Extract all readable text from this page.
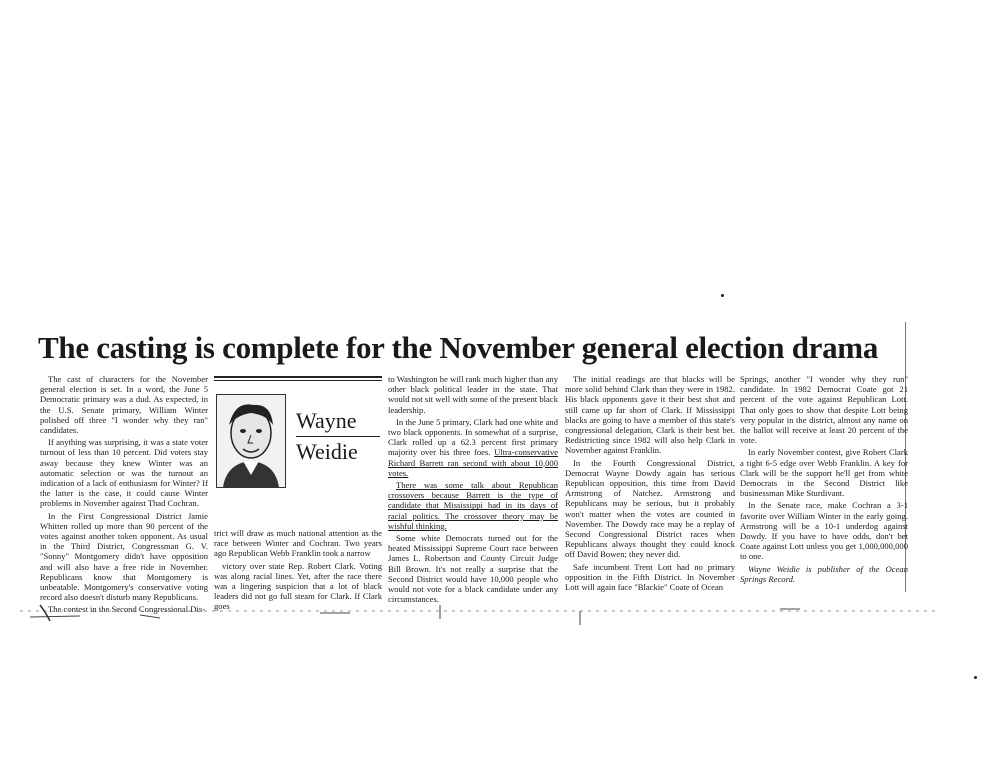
The casting is complete for the November general election drama

The cast of characters for the November general election is set. In a word, the June 5 Democratic primary was a dud. As expected, in the U.S. Senate primary, William Winter polished off three "I wonder why they ran" candidates.

If anything was surprising, it was a state voter turnout of less than 10 percent. Did voters stay away because they knew Winter was an automatic selection or was the turnout an indication of a lack of enthusiasm for Winter? If the latter is the case, it could cause Winter problems in November against Thad Cochran.

In the First Congressional District Jamie Whitten rolled up more than 90 percent of the votes against another token opponent. As usual in the Third District, Congressman G. V. "Sonny" Montgomery didn't have opposition and will also have a free ride in November. Republicans know that Montgomery is unbeatable. Montgomery's conservative voting record also doesn't disturb many Republicans.

The contest in the Second Congressional Dis-

Wayne
Weidie

trict will draw as much national attention as the race between Winter and Cochran. Two years ago Republican Webb Franklin took a narrow

victory over state Rep. Robert Clark. Voting was along racial lines. Yet, after the race there was a lingering suspicion that a lot of black leaders did not go full steam for Clark. If Clark goes

to Washington he will rank much higher than any other black political leader in the state. That would not sit well with some of the present black leadership.

In the June 5 primary, Clark had one white and two black opponents. In somewhat of a surprise, Clark rolled up a 62.3 percent first primary majority over his three foes. Ultra-conservative Richard Barrett ran second with about 10,000 votes.

There was some talk about Republican crossovers because Barrett is the type of candidate that Mississippi had in its days of racial politics. The crossover theory may be wishful thinking.

Some white Democrats turned out for the heated Mississippi Supreme Court race between James L. Robertson and County Circuit Judge Bill Brown. It's not really a surprise that the Second District would have 10,000 people who would not vote for a black candidate under any circumstances.

The initial readings are that blacks will be more solid behind Clark than they were in 1982. His black opponents gave it their best shot and still came up far short of Clark. If Mississippi blacks are going to have a member of this state's congressional delegation, Clark is their best bet. Redistricting since 1982 will also help Clark in November against Franklin.

In the Fourth Congressional District, Democrat Wayne Dowdy again has serious Republican opposition, this time from David Armstrong of Natchez. Armstrong and Republicans may be serious, but it probably won't matter when the votes are counted in November. The Dowdy race may be a replay of Second Congressional District races when Republicans always thought they could knock off David Bowen; they never did.

Safe incumbent Trent Lott had no primary opposition in the Fifth District. In November Lott will again face "Blackie" Coate of Ocean

Springs, another "I wonder why they run" candidate. In 1982 Democrat Coate got 21 percent of the vote against Republican Lott. That only goes to show that despite Lott being very popular in the district, almost any name on the ballot will receive at least 20 percent of the vote.

In early November contest, give Robert Clark a tight 6-5 edge over Webb Franklin. A key for Clark will be the support he'll get from white Democrats in the Second District like businessman Mike Sturdivant.

In the Senate race, make Cochran a 3-1 favorite over William Winter in the early going. Armstrong will be a 10-1 underdog against Dowdy. If you have to have odds, don't bet Coate against Lott unless you get 1,000,000,000 to one.

Wayne Weidie is publisher of the Ocean Springs Record.
